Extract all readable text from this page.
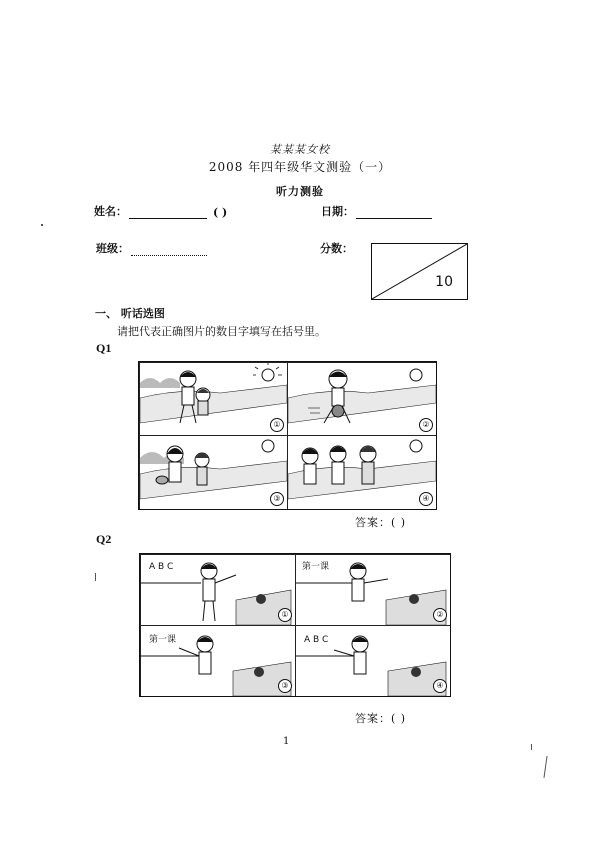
某某某女校
2008 年四年级华文测验（一）
听力测验
姓名：	( )	日期：
班级：	分数：
10
一、 听话选图
请把代表正确图片的数目字填写在括号里。
Q1
①	②
③	④
答案：( )
Q2
A B C
①
第一课
②
第一课
③
A B C
④
答案：( )
1
